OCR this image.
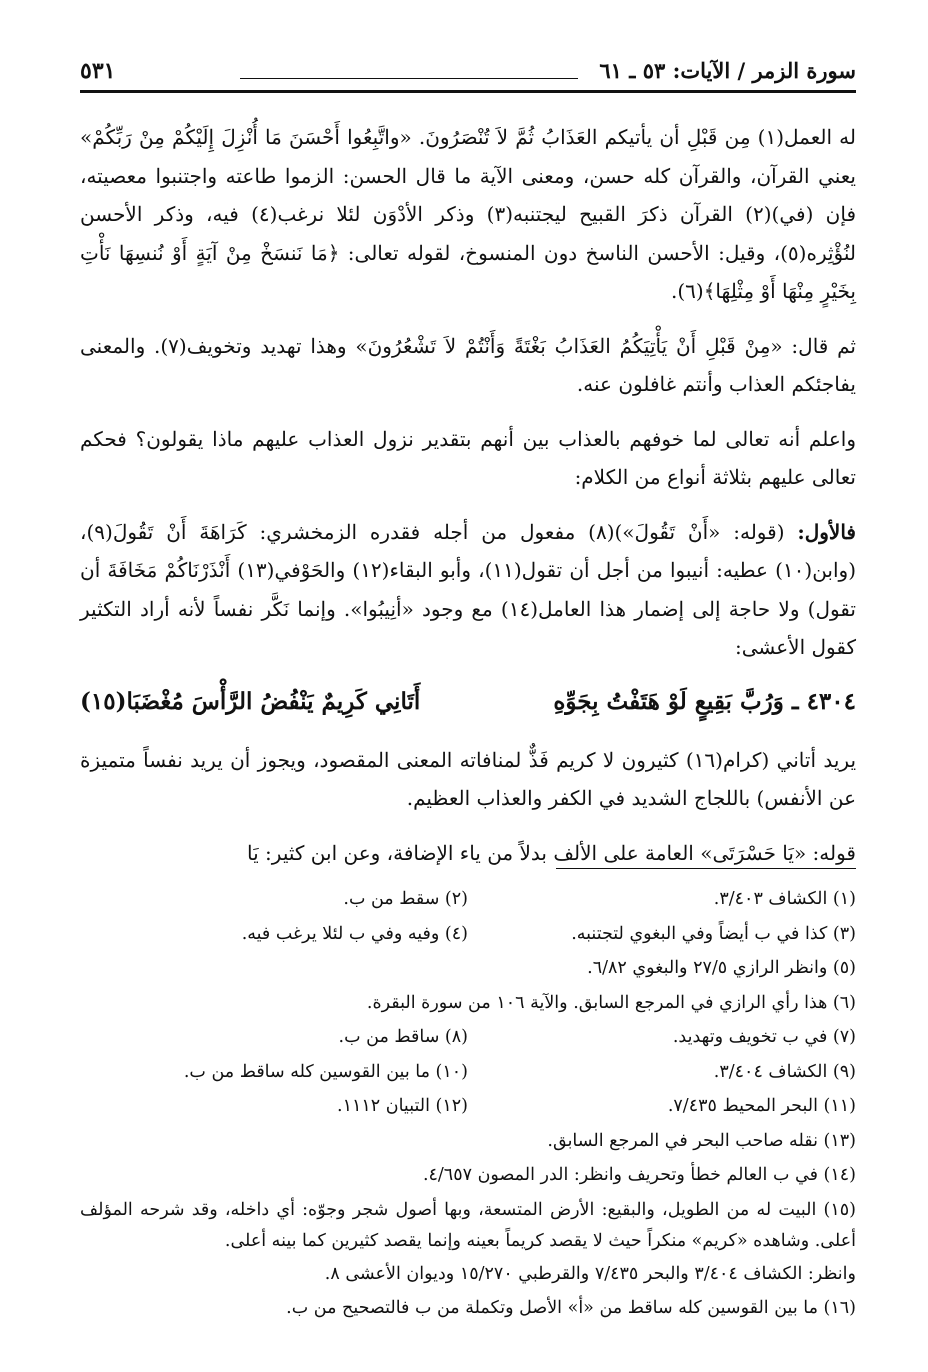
سورة الزمر / الآيات: ٥٣ ـ ٦١
٥٣١

له العمل(١) مِن قَبْلِ أن يأتيكم العَذَابُ ثُمَّ لاَ تُنْصَرُونَ. «واتَّبِعُوا أَحْسَنَ مَا أُنْزِلَ إِلَيْكُمْ مِنْ رَبِّكُمْ» يعني القرآن، والقرآن كله حسن، ومعنى الآية ما قال الحسن: الزموا طاعته واجتنبوا معصيته، فإن (في)(٢) القرآن ذكرَ القبيح ليجتنبه(٣) وذكر الأدْوَن لئلا نرغب(٤) فيه، وذكر الأحسن لنُؤْثِره(٥)، وقيل: الأحسن الناسخ دون المنسوخ، لقوله تعالى: ﴿مَا نَنسَخْ مِنْ آيَةٍ أَوْ نُنسِهَا نَأْتِ بِخَيْرٍ مِنْهَا أَوْ مِثْلِهَا﴾(٦).

ثم قال: «مِنْ قَبْلِ أَنْ يَأْتِيَكُمُ العَذَابُ بَغْتَةً وَأَنْتُمْ لاَ تَشْعُرُونَ» وهذا تهديد وتخويف(٧). والمعنى يفاجئكم العذاب وأنتم غافلون عنه.

واعلم أنه تعالى لما خوفهم بالعذاب بين أنهم بتقدير نزول العذاب عليهم ماذا يقولون؟ فحكم تعالى عليهم بثلاثة أنواع من الكلام:

فالأول: (قوله: «أَنْ تَقُولَ»)(٨) مفعول من أجله فقدره الزمخشري: كَرَاهَةَ أَنْ تَقُولَ(٩)، (وابن(١٠) عطيه: أنيبوا من أجل أن تقول(١١)، وأبو البقاء(١٢) والحَوْفي(١٣) أَنْذَرْنَاكُمْ مَخَافَةَ أن تقول) ولا حاجة إلى إضمار هذا العامل(١٤) مع وجود «أنِيبُوا». وإنما نَكَّر نفساً لأنه أراد التكثير كقول الأعشى:

٤٣٠٤ ـ وَرُبَّ بَقِيعٍ لَوْ هَتَفْتُ بِجَوِّهِ
أَتَانِي كَرِيمٌ يَنْفُضُ الرَّأْسَ مُغْضَبَا(١٥)

يريد أتاني (كرام(١٦) كثيرون لا كريم فَذٌّ لمنافاته المعنى المقصود، ويجوز أن يريد نفساً متميزة عن الأنفس) باللجاج الشديد في الكفر والعذاب العظيم.

قوله: «يَا حَسْرَتَى» العامة على الألف بدلاً من ياء الإضافة، وعن ابن كثير: يَا

(١) الكشاف ٣/٤٠٣.
(٢) سقط من ب.
(٣) كذا في ب أيضاً وفي البغوي لتجتنبه.
(٤) وفيه وفي ب لئلا يرغب فيه.
(٥) وانظر الرازي ٢٧/٥ والبغوي ٦/٨٢.
(٦) هذا رأي الرازي في المرجع السابق. والآية ١٠٦ من سورة البقرة.
(٧) في ب تخويف وتهديد.
(٨) ساقط من ب.
(٩) الكشاف ٣/٤٠٤.
(١٠) ما بين القوسين كله ساقط من ب.
(١١) البحر المحيط ٧/٤٣٥.
(١٢) التبيان ١١١٢.
(١٣) نقله صاحب البحر في المرجع السابق.
(١٤) في ب العالم خطأ وتحريف وانظر: الدر المصون ٤/٦٥٧.
(١٥) البيت له من الطويل، والبقيع: الأرض المتسعة، وبها أصول شجر وجوّه: أي داخله، وقد شرحه المؤلف أعلى. وشاهده «كريم» منكراً حيث لا يقصد كريماً بعينه وإنما يقصد كثيرين كما بينه أعلى.
وانظر: الكشاف ٣/٤٠٤ والبحر ٧/٤٣٥ والقرطبي ١٥/٢٧٠ وديوان الأعشى ٨.
(١٦) ما بين القوسين كله ساقط من «أ» الأصل وتكملة من ب فالتصحيح من ب.
